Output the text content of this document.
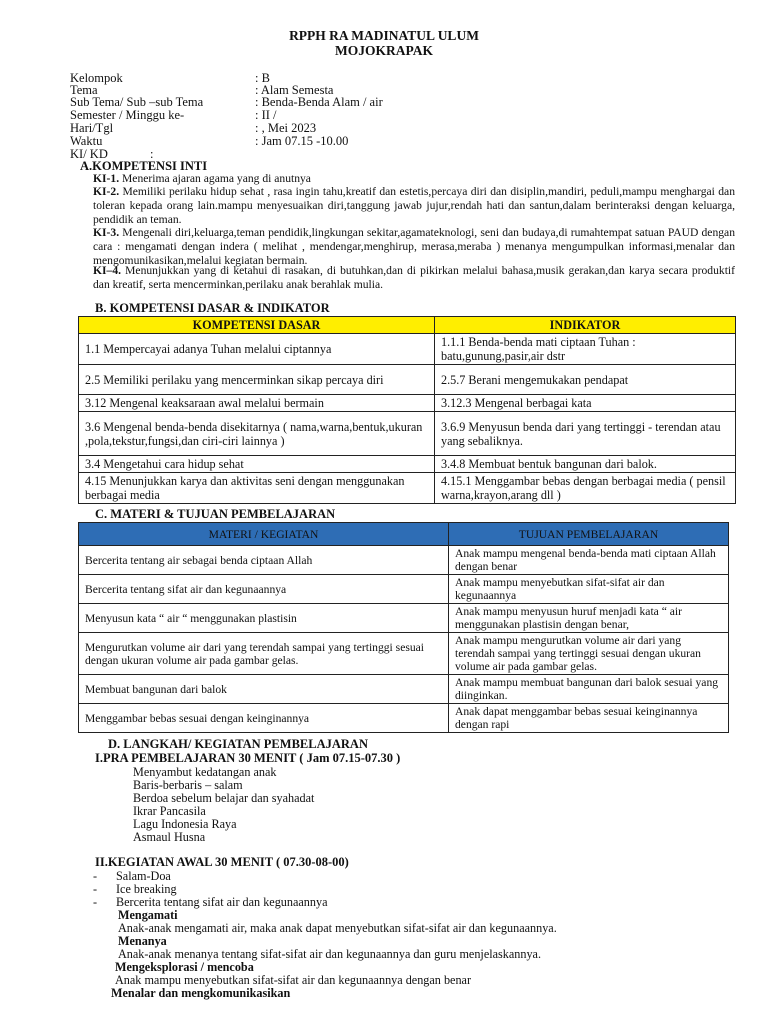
RPPH RA MADINATUL ULUM
MOJOKRAPAK
Kelompok	: B
Tema	: Alam Semesta
Sub Tema/ Sub –sub Tema	: Benda-Benda Alam / air
Semester / Minggu ke-	: II /
Hari/Tgl	: , Mei 2023
Waktu	: Jam 07.15 -10.00
KI/ KD	:
A.KOMPETENSI INTI
KI-1. Menerima ajaran agama yang di anutnya
KI-2. Memiliki perilaku hidup sehat , rasa ingin tahu,kreatif dan estetis,percaya diri dan disiplin,mandiri, peduli,mampu menghargai dan toleran kepada orang lain.mampu menyesuaikan diri,tanggung jawab jujur,rendah hati dan santun,dalam berinteraksi dengan keluarga, pendidik an teman.
KI-3. Mengenali diri,keluarga,teman pendidik,lingkungan sekitar,agamateknologi, seni dan budaya,di rumahtempat satuan PAUD dengan cara : mengamati dengan indera ( melihat , mendengar,menghirup, merasa,meraba ) menanya mengumpulkan informasi,menalar dan mengomunikasikan,melalui kegiatan bermain.
KI–4. Menunjukkan yang di ketahui di rasakan, di butuhkan,dan di pikirkan melalui bahasa,musik gerakan,dan karya secara produktif dan kreatif, serta mencerminkan,perilaku anak berahlak mulia.
B. KOMPETENSI DASAR & INDIKATOR
KOMPETENSI DASAR	INDIKATOR
1.1 Mempercayai adanya Tuhan melalui ciptannya	1.1.1 Benda-benda mati ciptaan Tuhan : batu,gunung,pasir,air dstr
2.5 Memiliki perilaku yang mencerminkan sikap percaya diri	2.5.7 Berani mengemukakan pendapat
3.12 Mengenal keaksaraan awal melalui bermain	3.12.3 Mengenal berbagai kata
3.6 Mengenal benda-benda disekitarnya ( nama,warna,bentuk,ukuran ,pola,tekstur,fungsi,dan ciri-ciri lainnya )	3.6.9 Menyusun benda dari yang tertinggi - terendan atau yang sebaliknya.
3.4 Mengetahui cara hidup sehat	3.4.8 Membuat bentuk bangunan dari balok.
4.15 Menunjukkan karya dan aktivitas seni dengan menggunakan berbagai media	4.15.1 Menggambar bebas dengan berbagai media ( pensil warna,krayon,arang dll )
C. MATERI & TUJUAN PEMBELAJARAN
MATERI / KEGIATAN	TUJUAN PEMBELAJARAN
Bercerita tentang air sebagai benda ciptaan Allah	Anak mampu mengenal benda-benda mati ciptaan Allah dengan benar
Bercerita tentang sifat air dan kegunaannya	Anak mampu menyebutkan sifat-sifat air dan kegunaannya
Menyusun kata “ air “ menggunakan plastisin	Anak mampu menyusun huruf menjadi kata “ air menggunakan plastisin dengan benar,
Mengurutkan volume air dari yang terendah sampai yang tertinggi sesuai dengan ukuran volume air pada gambar gelas.	Anak mampu mengurutkan volume air dari yang terendah sampai yang tertinggi sesuai dengan ukuran volume air pada gambar gelas.
Membuat bangunan dari balok	Anak mampu membuat bangunan dari balok sesuai yang diinginkan.
Menggambar bebas sesuai dengan keinginannya	Anak dapat menggambar bebas sesuai keinginannya dengan rapi
D. LANGKAH/ KEGIATAN PEMBELAJARAN
I.PRA PEMBELAJARAN 30 MENIT ( Jam 07.15-07.30 )
Menyambut kedatangan anak
Baris-berbaris – salam
Berdoa sebelum belajar dan syahadat
Ikrar Pancasila
Lagu Indonesia Raya
Asmaul Husna
II.KEGIATAN AWAL 30 MENIT ( 07.30-08-00)
- Salam-Doa
- Ice breaking
- Bercerita tentang sifat air dan kegunaannya
Mengamati
Anak-anak mengamati air, maka anak dapat menyebutkan sifat-sifat air dan kegunaannya.
Menanya
Anak-anak menanya tentang sifat-sifat air dan kegunaannya dan guru menjelaskannya.
Mengeksplorasi / mencoba
Anak mampu menyebutkan sifat-sifat air dan kegunaannya dengan benar
Menalar dan mengkomunikasikan
